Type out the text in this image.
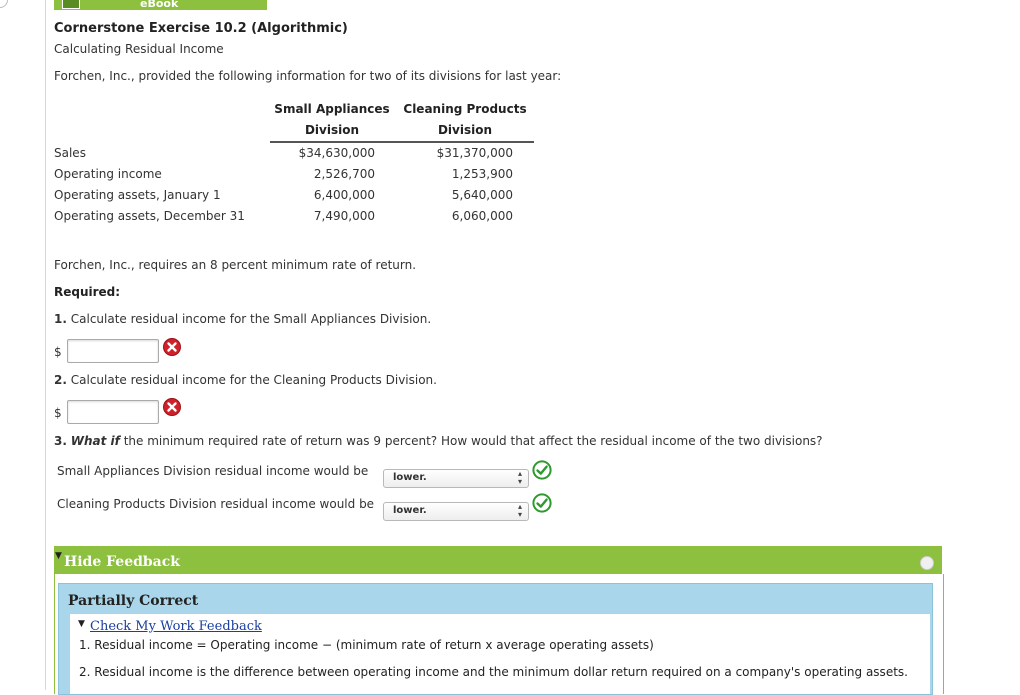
eBook
Cornerstone Exercise 10.2 (Algorithmic)
Calculating Residual Income
Forchen, Inc., provided the following information for two of its divisions for last year:
Small Appliances
Division
Cleaning Products
Division
Sales	$34,630,000	$31,370,000
Operating income	2,526,700	1,253,900
Operating assets, January 1	6,400,000	5,640,000
Operating assets, December 31	7,490,000	6,060,000
Forchen, Inc., requires an 8 percent minimum rate of return.
Required:
1. Calculate residual income for the Small Appliances Division.
$
2. Calculate residual income for the Cleaning Products Division.
$
3. What if the minimum required rate of return was 9 percent? How would that affect the residual income of the two divisions?
Small Appliances Division residual income would be lower.	▴
▾
Cleaning Products Division residual income would be lower.	▴
▾
▼ Hide Feedback
Partially Correct
▼ Check My Work Feedback
1. Residual income = Operating income − (minimum rate of return x average operating assets)
2. Residual income is the difference between operating income and the minimum dollar return required on a company's operating assets.
